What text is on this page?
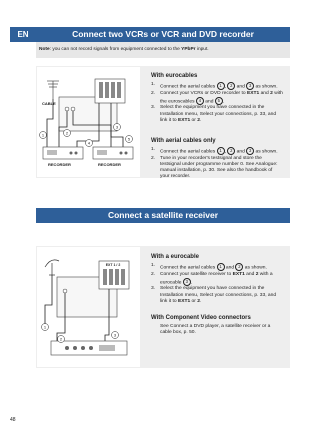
EN	Connect two VCRs or VCR and DVD recorder
Note: you can not record signals from equipment connected to the YPbPr input.
CABLE
RECORDER	RECORDER
1	2
3
4
5
With eurocables
1. Connect the aerial cables 1 , 2 and 3 as shown.
2. Connect your VCRs or DVD recorder to EXT1 and 2 with the euroscables 4 and 5 .
3. Select the equipment you have connected in the Installation menu, Select your connections, p. 33, and link it to EXT1 or 2.
With aerial cables only
1. Connect the aerial cables 1 , 2 and 3 as shown.
2. Tune in your recorder's testsignal and store the testsignal under programme number 0. See Analogue: manual installation, p. 30. See also the handbook of your recorder.
Connect a satellite receiver
EXT 1 / 2
1
2
3
With a eurocable
1. Connect the aerial cables 1 and 2 as shown.
2. Connect your satellite receiver to EXT1 and 2 with a eurocable 3 .
3. Select the equipment you have connected in the Installation menu, Select your connections, p. 33, and link it to EXT1 or 2.
With Component Video connectors
See Connect a DVD player, a satellite receiver or a cable box, p. 50.
48
